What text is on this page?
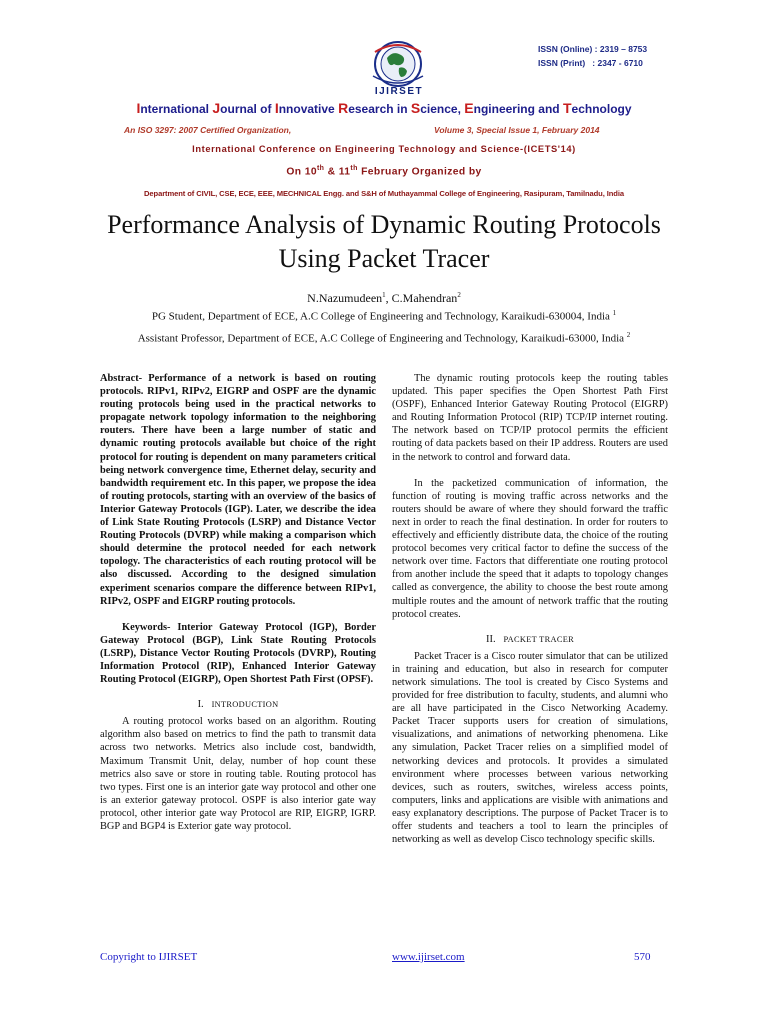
IJIRSET
ISSN (Online) : 2319 – 8753
ISSN (Print)   : 2347 - 6710
International Journal of Innovative Research in Science, Engineering and Technology
An ISO 3297: 2007 Certified Organization,	Volume 3, Special Issue 1, February 2014
International Conference on Engineering Technology and Science-(ICETS'14)
On 10th & 11th February Organized by
Department of CIVIL, CSE, ECE, EEE, MECHNICAL Engg. and S&H of Muthayammal College of Engineering, Rasipuram, Tamilnadu, India
Performance Analysis of Dynamic Routing Protocols Using Packet Tracer
N.Nazumudeen$^1$, C.Mahendran$^2$
PG Student, Department of ECE, A.C College of Engineering and Technology, Karaikudi-630004, India $^1$
Assistant Professor, Department of ECE, A.C College of Engineering and Technology, Karaikudi-63000, India $^2$

Abstract- Performance of a network is based on routing protocols. RIPv1, RIPv2, EIGRP and OSPF are the dynamic routing protocols being used in the practical networks to propagate network topology information to the neighboring routers. There have been a large number of static and dynamic routing protocols available but choice of the right protocol for routing is dependent on many parameters critical being network convergence time, Ethernet delay, security and bandwidth requirement etc. In this paper, we propose the idea of routing protocols, starting with an overview of the basics of Interior Gateway Protocols (IGP). Later, we describe the idea of Link State Routing Protocols (LSRP) and Distance Vector Routing Protocols (DVRP) while making a comparison which should determine the protocol needed for each network topology. The characteristics of each routing protocol will be also discussed. According to the designed simulation experiment scenarios compare the difference between RIPv1, RIPv2, OSPF and EIGRP routing protocols.

Keywords- Interior Gateway Protocol (IGP), Border Gateway Protocol (BGP), Link State Routing Protocols (LSRP), Distance Vector Routing Protocols (DVRP), Routing Information Protocol (RIP), Enhanced Interior Gateway Routing Protocol (EIGRP), Open Shortest Path First (OPSF).

I. INTRODUCTION

A routing protocol works based on an algorithm. Routing algorithm also based on metrics to find the path to transmit data across two networks. Metrics also include cost, bandwidth, Maximum Transmit Unit, delay, number of hop count these metrics also save or store in routing table. Routing protocol has two types. First one is an interior gate way protocol and other one is an exterior gateway protocol. OSPF is also interior gate way protocol, other interior gate way Protocol are RIP, EIGRP, IGRP. BGP and BGP4 is Exterior gate way protocol.

The dynamic routing protocols keep the routing tables updated. This paper specifies the Open Shortest Path First (OSPF), Enhanced Interior Gateway Routing Protocol (EIGRP) and Routing Information Protocol (RIP) TCP/IP internet routing. The network based on TCP/IP protocol permits the efficient routing of data packets based on their IP address. Routers are used in the network to control and forward data.

In the packetized communication of information, the function of routing is moving traffic across networks and the routers should be aware of where they should forward the traffic next in order to reach the final destination. In order for routers to effectively and efficiently distribute data, the choice of the routing protocol becomes very critical factor to define the success of the network over time. Factors that differentiate one routing protocol from another include the speed that it adapts to topology changes called as convergence, the ability to choose the best route among multiple routes and the amount of network traffic that the routing protocol creates.

II. PACKET TRACER

Packet Tracer is a Cisco router simulator that can be utilized in training and education, but also in research for computer network simulations. The tool is created by Cisco Systems and provided for free distribution to faculty, students, and alumni who are all have participated in the Cisco Networking Academy. Packet Tracer supports users for creation of simulations, visualizations, and animations of networking phenomena. Like any simulation, Packet Tracer relies on a simplified model of networking devices and protocols. It provides a simulated environment where processes between various networking devices, such as routers, switches, wireless access points, computers, links and applications are visible with animations and easy explanatory descriptions. The purpose of Packet Tracer is to offer students and teachers a tool to learn the principles of networking as well as develop Cisco technology specific skills.

Copyright to IJIRSET	www.ijirset.com	570
